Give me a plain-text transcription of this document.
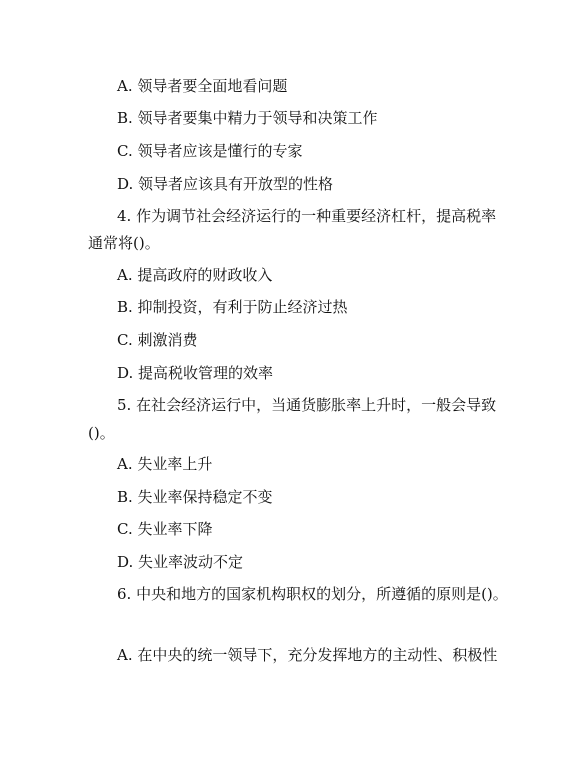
A. 领导者要全面地看问题
B. 领导者要集中精力于领导和决策工作
C. 领导者应该是懂行的专家
D. 领导者应该具有开放型的性格
4. 作为调节社会经济运行的一种重要经济杠杆，提高税率
通常将()。
A. 提高政府的财政收入
B. 抑制投资，有利于防止经济过热
C. 刺激消费
D. 提高税收管理的效率
5. 在社会经济运行中，当通货膨胀率上升时，一般会导致
()。
A. 失业率上升
B. 失业率保持稳定不变
C. 失业率下降
D. 失业率波动不定
6. 中央和地方的国家机构职权的划分，所遵循的原则是()。
A. 在中央的统一领导下，充分发挥地方的主动性、积极性
